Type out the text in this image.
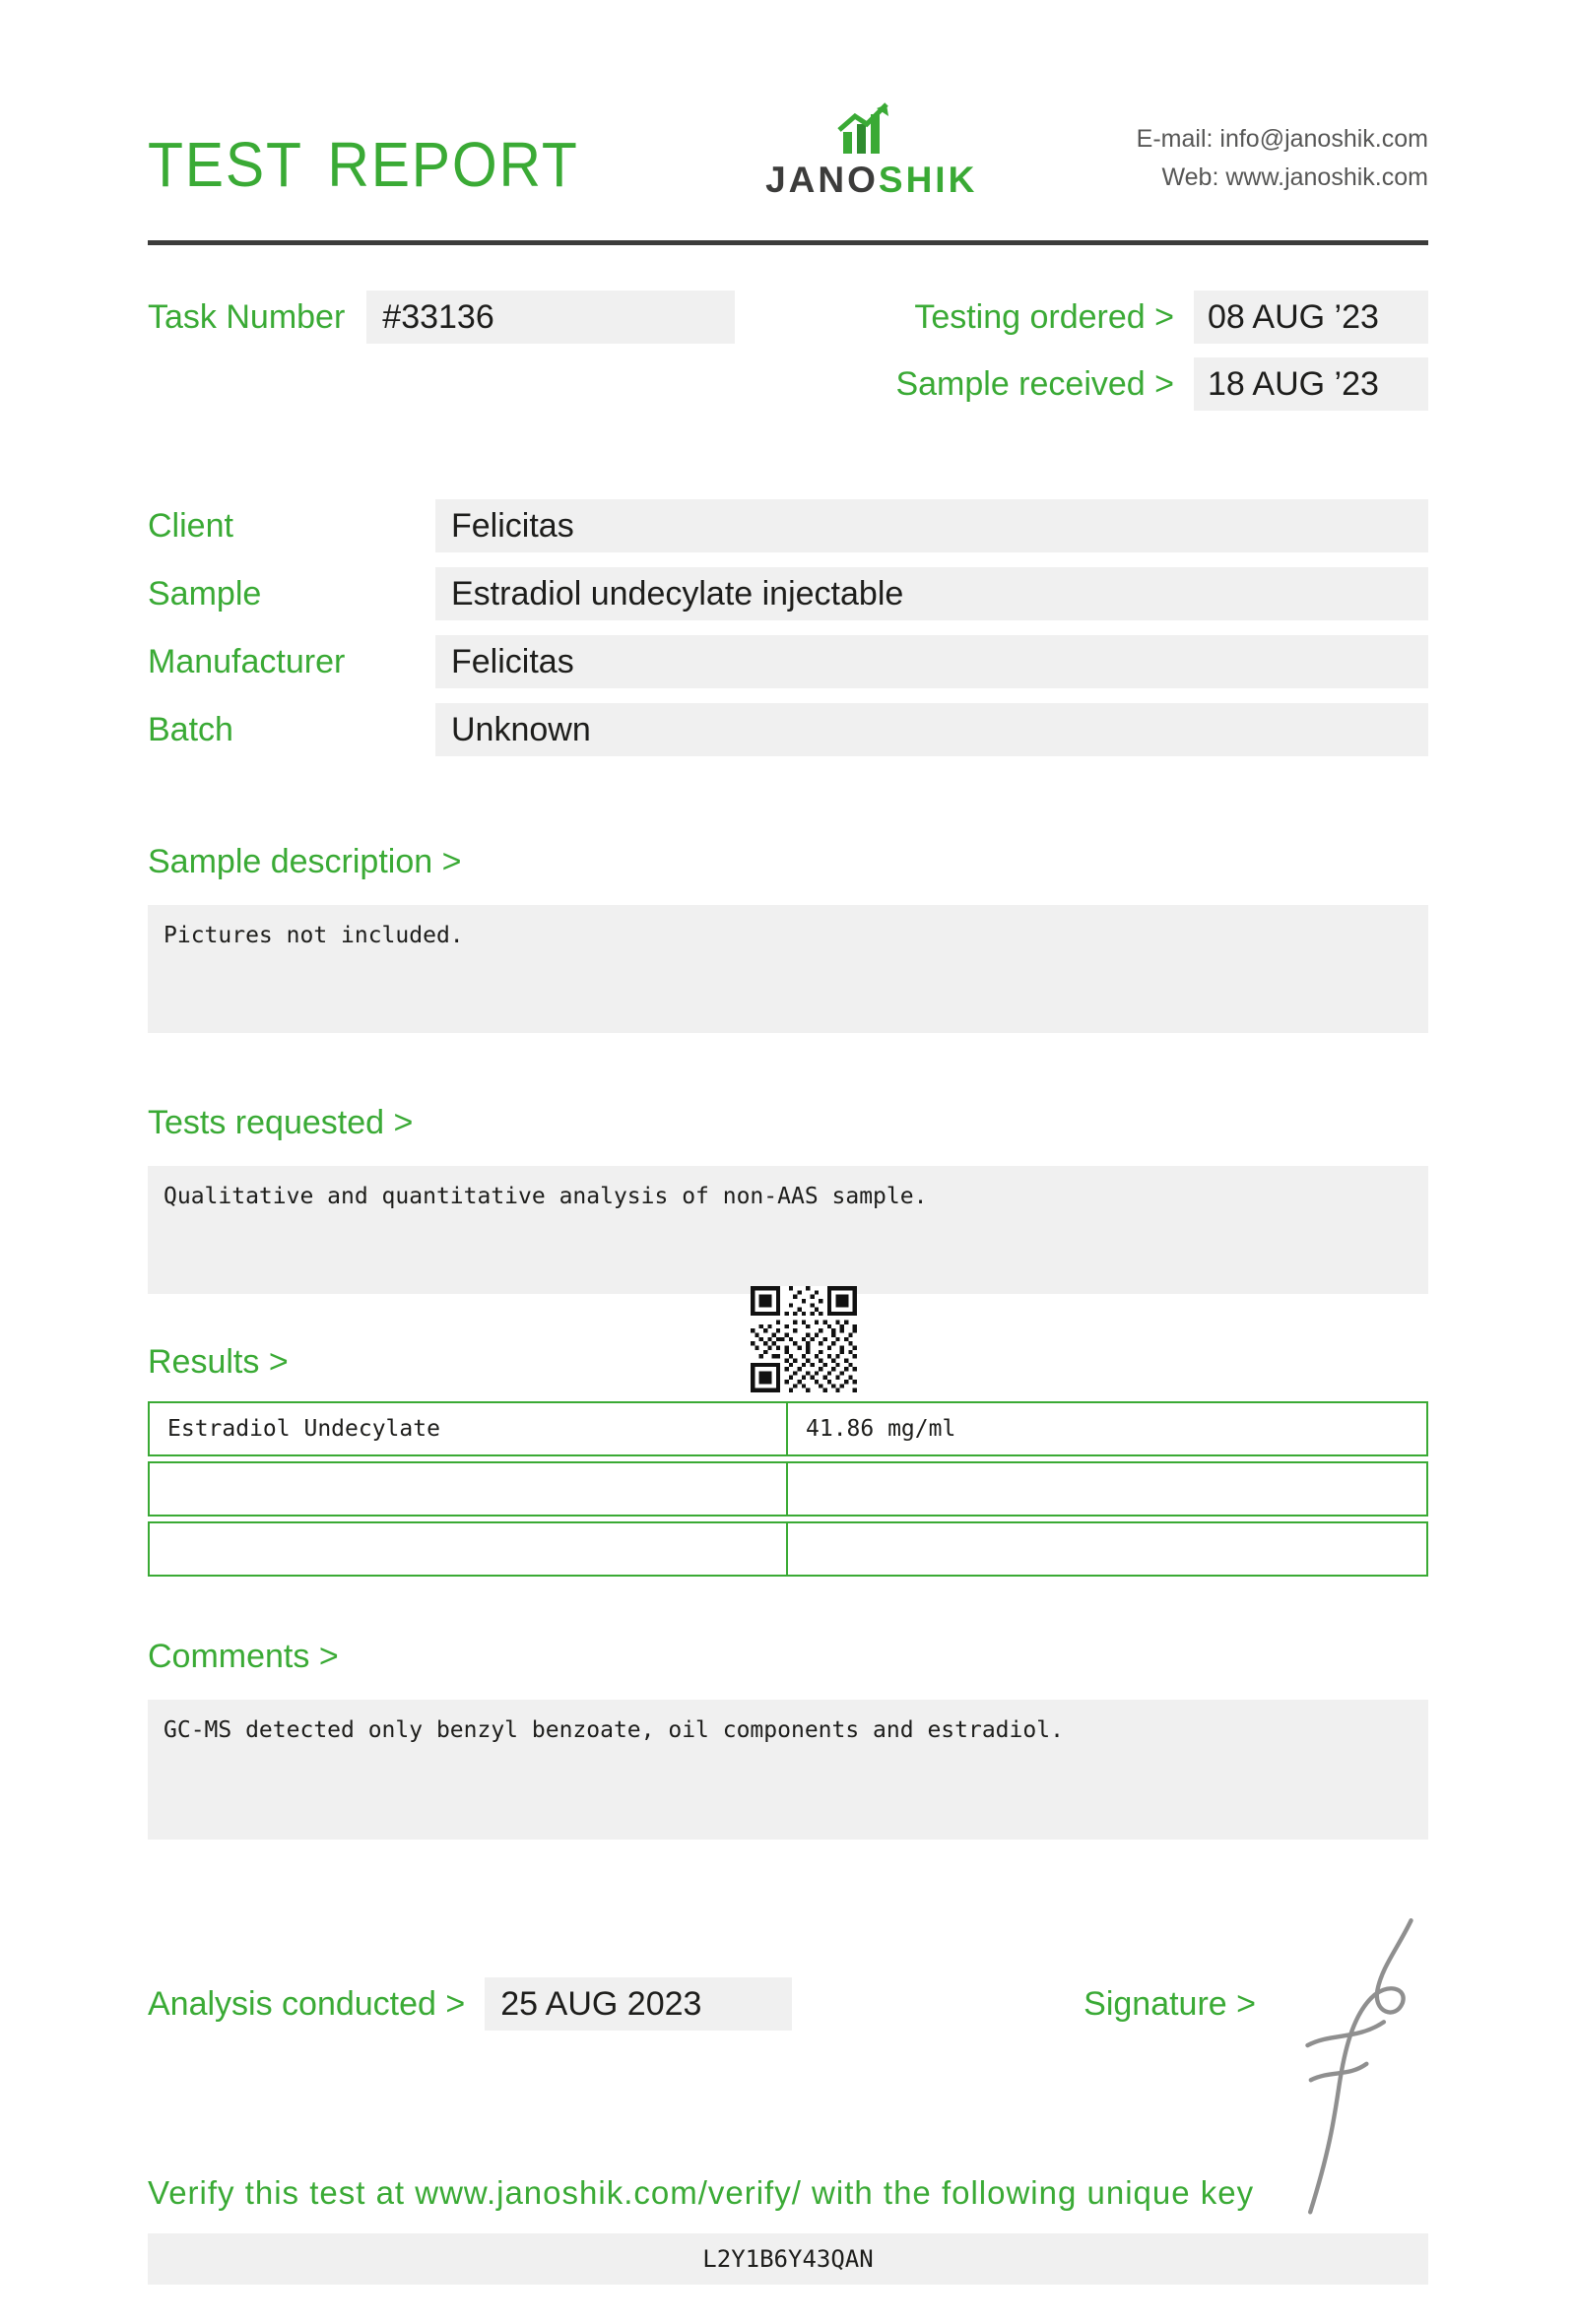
TEST REPORT	JANOSHIK
E-mail: info@janoshik.com
Web: www.janoshik.com
Task Number	#33136	Testing ordered >	08 AUG ’23
Sample received >	18 AUG ’23
Client	Felicitas
Sample	Estradiol undecylate injectable
Manufacturer	Felicitas
Batch	Unknown
Sample description >
Pictures not included.
Tests requested >
Qualitative and quantitative analysis of non-AAS sample.
Results >
Estradiol Undecylate	41.86 mg/ml
Comments >
GC-MS detected only benzyl benzoate, oil components and estradiol.
Analysis conducted >	25 AUG 2023	Signature >
Verify this test at www.janoshik.com/verify/ with the following unique key
L2Y1B6Y43QAN
